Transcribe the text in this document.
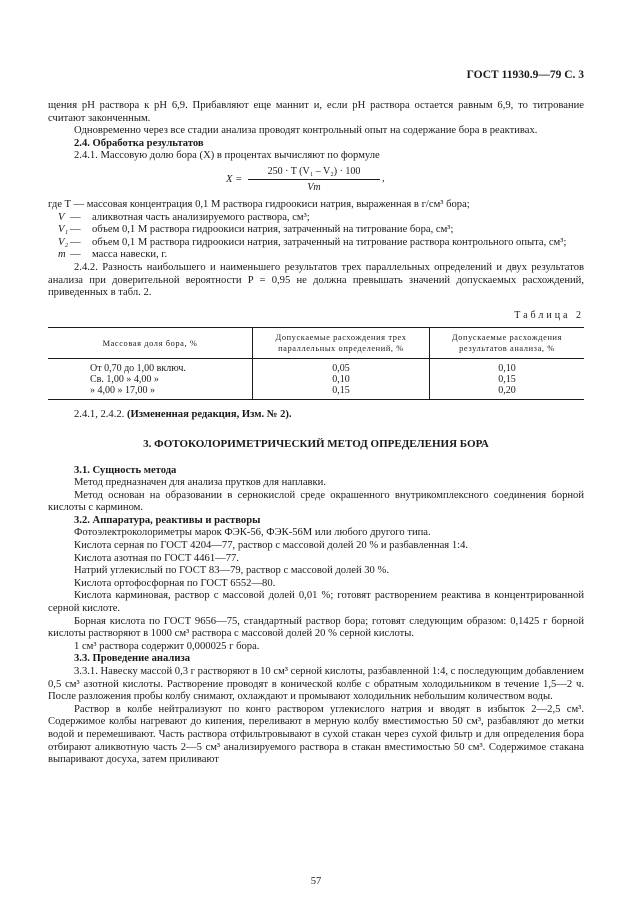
ГОСТ 11930.9—79 С. 3

щения рН раствора к рН 6,9. Прибавляют еще маннит и, если рН раствора остается равным 6,9, то титрование считают законченным.

Одновременно через все стадии анализа проводят контрольный опыт на содержание бора в реактивах.

2.4. Обработка результатов

2.4.1. Массовую долю бора (X) в процентах вычисляют по формуле

X =
250 · T (V₁ – V₂) · 100
Vm
,

где T — массовая концентрация 0,1 М раствора гидроокиси натрия, выраженная в г/см³ бора;

V — аликвотная часть анализируемого раствора, см³;

V₁ — объем 0,1 М раствора гидроокиси натрия, затраченный на титрование бора, см³;

V₂ — объем 0,1 М раствора гидроокиси натрия, затраченный на титрование раствора контрольного опыта, см³;

m — масса навески, г.

2.4.2. Разность наибольшего и наименьшего результатов трех параллельных определений и двух результатов анализа при доверительной вероятности P = 0,95 не должна превышать значений допускаемых расхождений, приведенных в табл. 2.

Таблица 2
Массовая доля бора, %	Допускаемые расхождения трех параллельных определений, %	Допускаемые расхождения результатов анализа, %
От 0,70 до 1,00 включ.	0,05	0,10
Св. 1,00 » 4,00 »	0,10	0,15
» 4,00 » 17,00 »	0,15	0,20

2.4.1, 2.4.2. (Измененная редакция, Изм. № 2).

3. ФОТОКОЛОРИМЕТРИЧЕСКИЙ МЕТОД ОПРЕДЕЛЕНИЯ БОРА

3.1. Сущность метода

Метод предназначен для анализа прутков для наплавки.

Метод основан на образовании в сернокислой среде окрашенного внутрикомплексного соединения борной кислоты с кармином.

3.2. Аппаратура, реактивы и растворы

Фотоэлектроколориметры марок ФЭК-56, ФЭК-56М или любого другого типа.

Кислота серная по ГОСТ 4204—77, раствор с массовой долей 20 % и разбавленная 1:4.

Кислота азотная по ГОСТ 4461—77.

Натрий углекислый по ГОСТ 83—79, раствор с массовой долей 30 %.

Кислота ортофосфорная по ГОСТ 6552—80.

Кислота карминовая, раствор с массовой долей 0,01 %; готовят растворением реактива в концентрированной серной кислоте.

Борная кислота по ГОСТ 9656—75, стандартный раствор бора; готовят следующим образом: 0,1425 г борной кислоты растворяют в 1000 см³ раствора с массовой долей 20 % серной кислоты.

1 см³ раствора содержит 0,000025 г бора.

3.3. Проведение анализа

3.3.1. Навеску массой 0,3 г растворяют в 10 см³ серной кислоты, разбавленной 1:4, с последующим добавлением 0,5 см³ азотной кислоты. Растворение проводят в конической колбе с обратным холодильником в течение 1,5—2 ч. После разложения пробы колбу снимают, охлаждают и промывают холодильник небольшим количеством воды.

Раствор в колбе нейтрализуют по конго раствором углекислого натрия и вводят в избыток 2—2,5 см³. Содержимое колбы нагревают до кипения, переливают в мерную колбу вместимостью 50 см³, разбавляют до метки водой и перемешивают. Часть раствора отфильтровывают в сухой стакан через сухой фильтр и для определения бора отбирают аликвотную часть 2—5 см³ анализируемого раствора в стакан вместимостью 50 см³. Содержимое стакана выпаривают досуха, затем приливают

57
